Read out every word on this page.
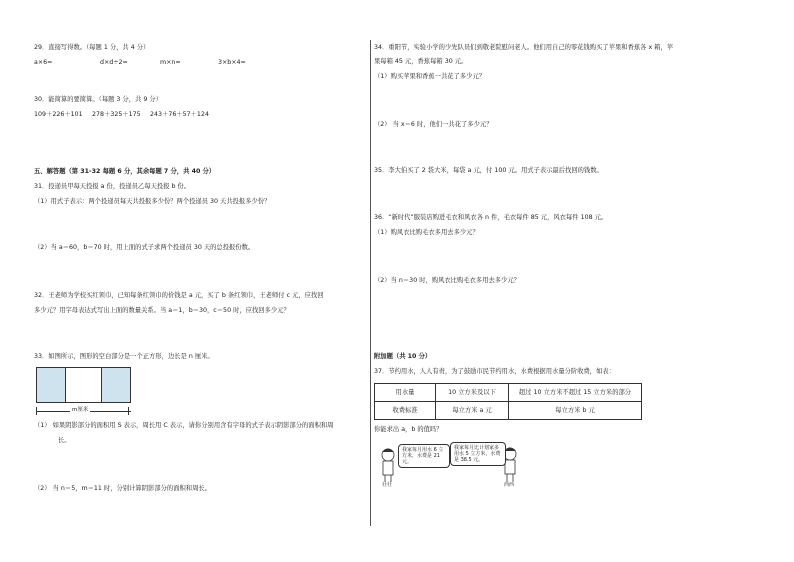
29．直接写得数。（每题 1 分，共 4 分）
a×6=	d×d÷2=	m×n=	3×b×4=
30．能简算的要简算。（每题 3 分，共 9 分）
109＋226＋101 278＋325＋175 243＋76＋57＋124
五、解答题（第 31-32 每题 6 分，其余每题 7 分，共 40 分）
31．投递员甲每天投报 a 份，投递员乙每天投报 b 份。
（1）用式子表示：两个投递员每天共投报多少份？两个投递员 30 天共投报多少份？
（2）当 a＝60，b＝70 时，用上面的式子求两个投递员 30 天的总投报份数。
32．王老师为学校买红领巾，已知每条红领巾的价钱是 a 元，买了 b 条红领巾，王老师付 c 元，应找回
多少元？用字母表达式写出上面的数量关系。当 a＝1，b＝30，c＝50 时，应找回多少元？
33．如图所示，图形的空白部分是一个正方形，边长是 n 厘米。
m厘米
（1） 如果阴影部分的面积用 S 表示，周长用 C 表示，请你分别用含有字母的式子表示阴影部分的面积和周
长。
（2） 当 n＝5，m＝11 时，分别计算阴影部分的面积和周长。
34．重阳节，实验小学的少先队员们到敬老院慰问老人。他们用自己的零花钱购买了苹果和香蕉各 x 箱，苹
果每箱 45 元，香蕉每箱 30 元。
（1）购买苹果和香蕉一共花了多少元？
（2） 当 x＝6 时，他们一共花了多少元？
35．李大伯买了 2 袋大米，每袋 a 元，付 100 元。用式子表示最后找回的钱数。
36．“新时代”服装店购进毛衣和风衣各 n 件，毛衣每件 85 元，风衣每件 108 元。
（1）购风衣比购毛衣多用去多少元？
（2）当 n＝30 时，购风衣比购毛衣多用去多少元？
附加题（共 10 分）
37．节约用水，人人有责，为了鼓励市民节约用水，水费根据用水量分阶收费，如表：
用水量	10 立方米及以下	超过 10 立方米不超过 15 立方米的部分
收费标准	每立方米 a 元	每立方米 b 元
你能求出 a，b 的值吗？
我家每月用水 6 立方米，水费是 21 元。
我家每月比计划家多用水 5 立方米，水费是 38.5 元。
壮壮	西西
